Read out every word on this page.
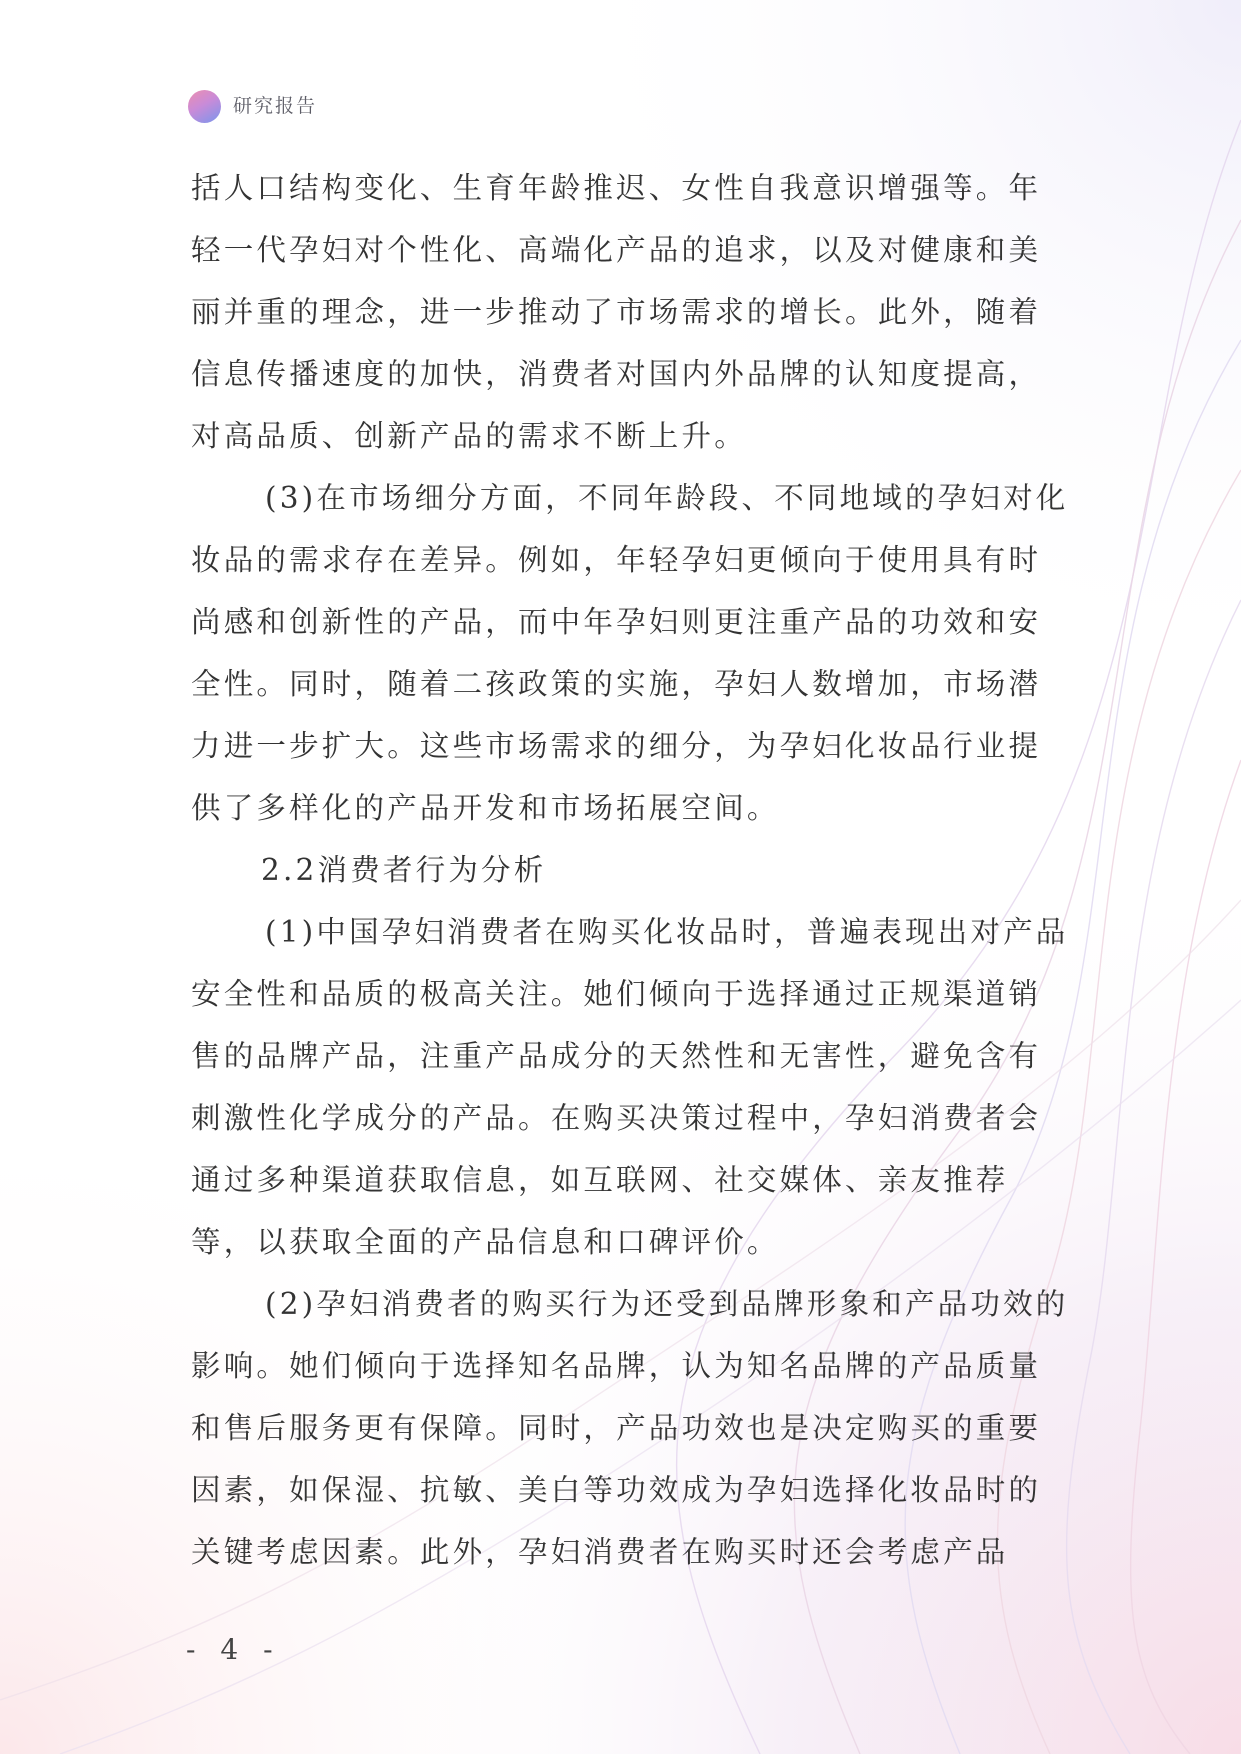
研究报告

括人口结构变化、生育年龄推迟、女性自我意识增强等。年轻一代孕妇对个性化、高端化产品的追求，以及对健康和美丽并重的理念，进一步推动了市场需求的增长。此外，随着信息传播速度的加快，消费者对国内外品牌的认知度提高，对高品质、创新产品的需求不断上升。

(3)在市场细分方面，不同年龄段、不同地域的孕妇对化妆品的需求存在差异。例如，年轻孕妇更倾向于使用具有时尚感和创新性的产品，而中年孕妇则更注重产品的功效和安全性。同时，随着二孩政策的实施，孕妇人数增加，市场潜力进一步扩大。这些市场需求的细分，为孕妇化妆品行业提供了多样化的产品开发和市场拓展空间。

2.2消费者行为分析

(1)中国孕妇消费者在购买化妆品时，普遍表现出对产品安全性和品质的极高关注。她们倾向于选择通过正规渠道销售的品牌产品，注重产品成分的天然性和无害性，避免含有刺激性化学成分的产品。在购买决策过程中，孕妇消费者会通过多种渠道获取信息，如互联网、社交媒体、亲友推荐等，以获取全面的产品信息和口碑评价。

(2)孕妇消费者的购买行为还受到品牌形象和产品功效的影响。她们倾向于选择知名品牌，认为知名品牌的产品质量和售后服务更有保障。同时，产品功效也是决定购买的重要因素，如保湿、抗敏、美白等功效成为孕妇选择化妆品时的关键考虑因素。此外，孕妇消费者在购买时还会考虑产品

- 4 -
